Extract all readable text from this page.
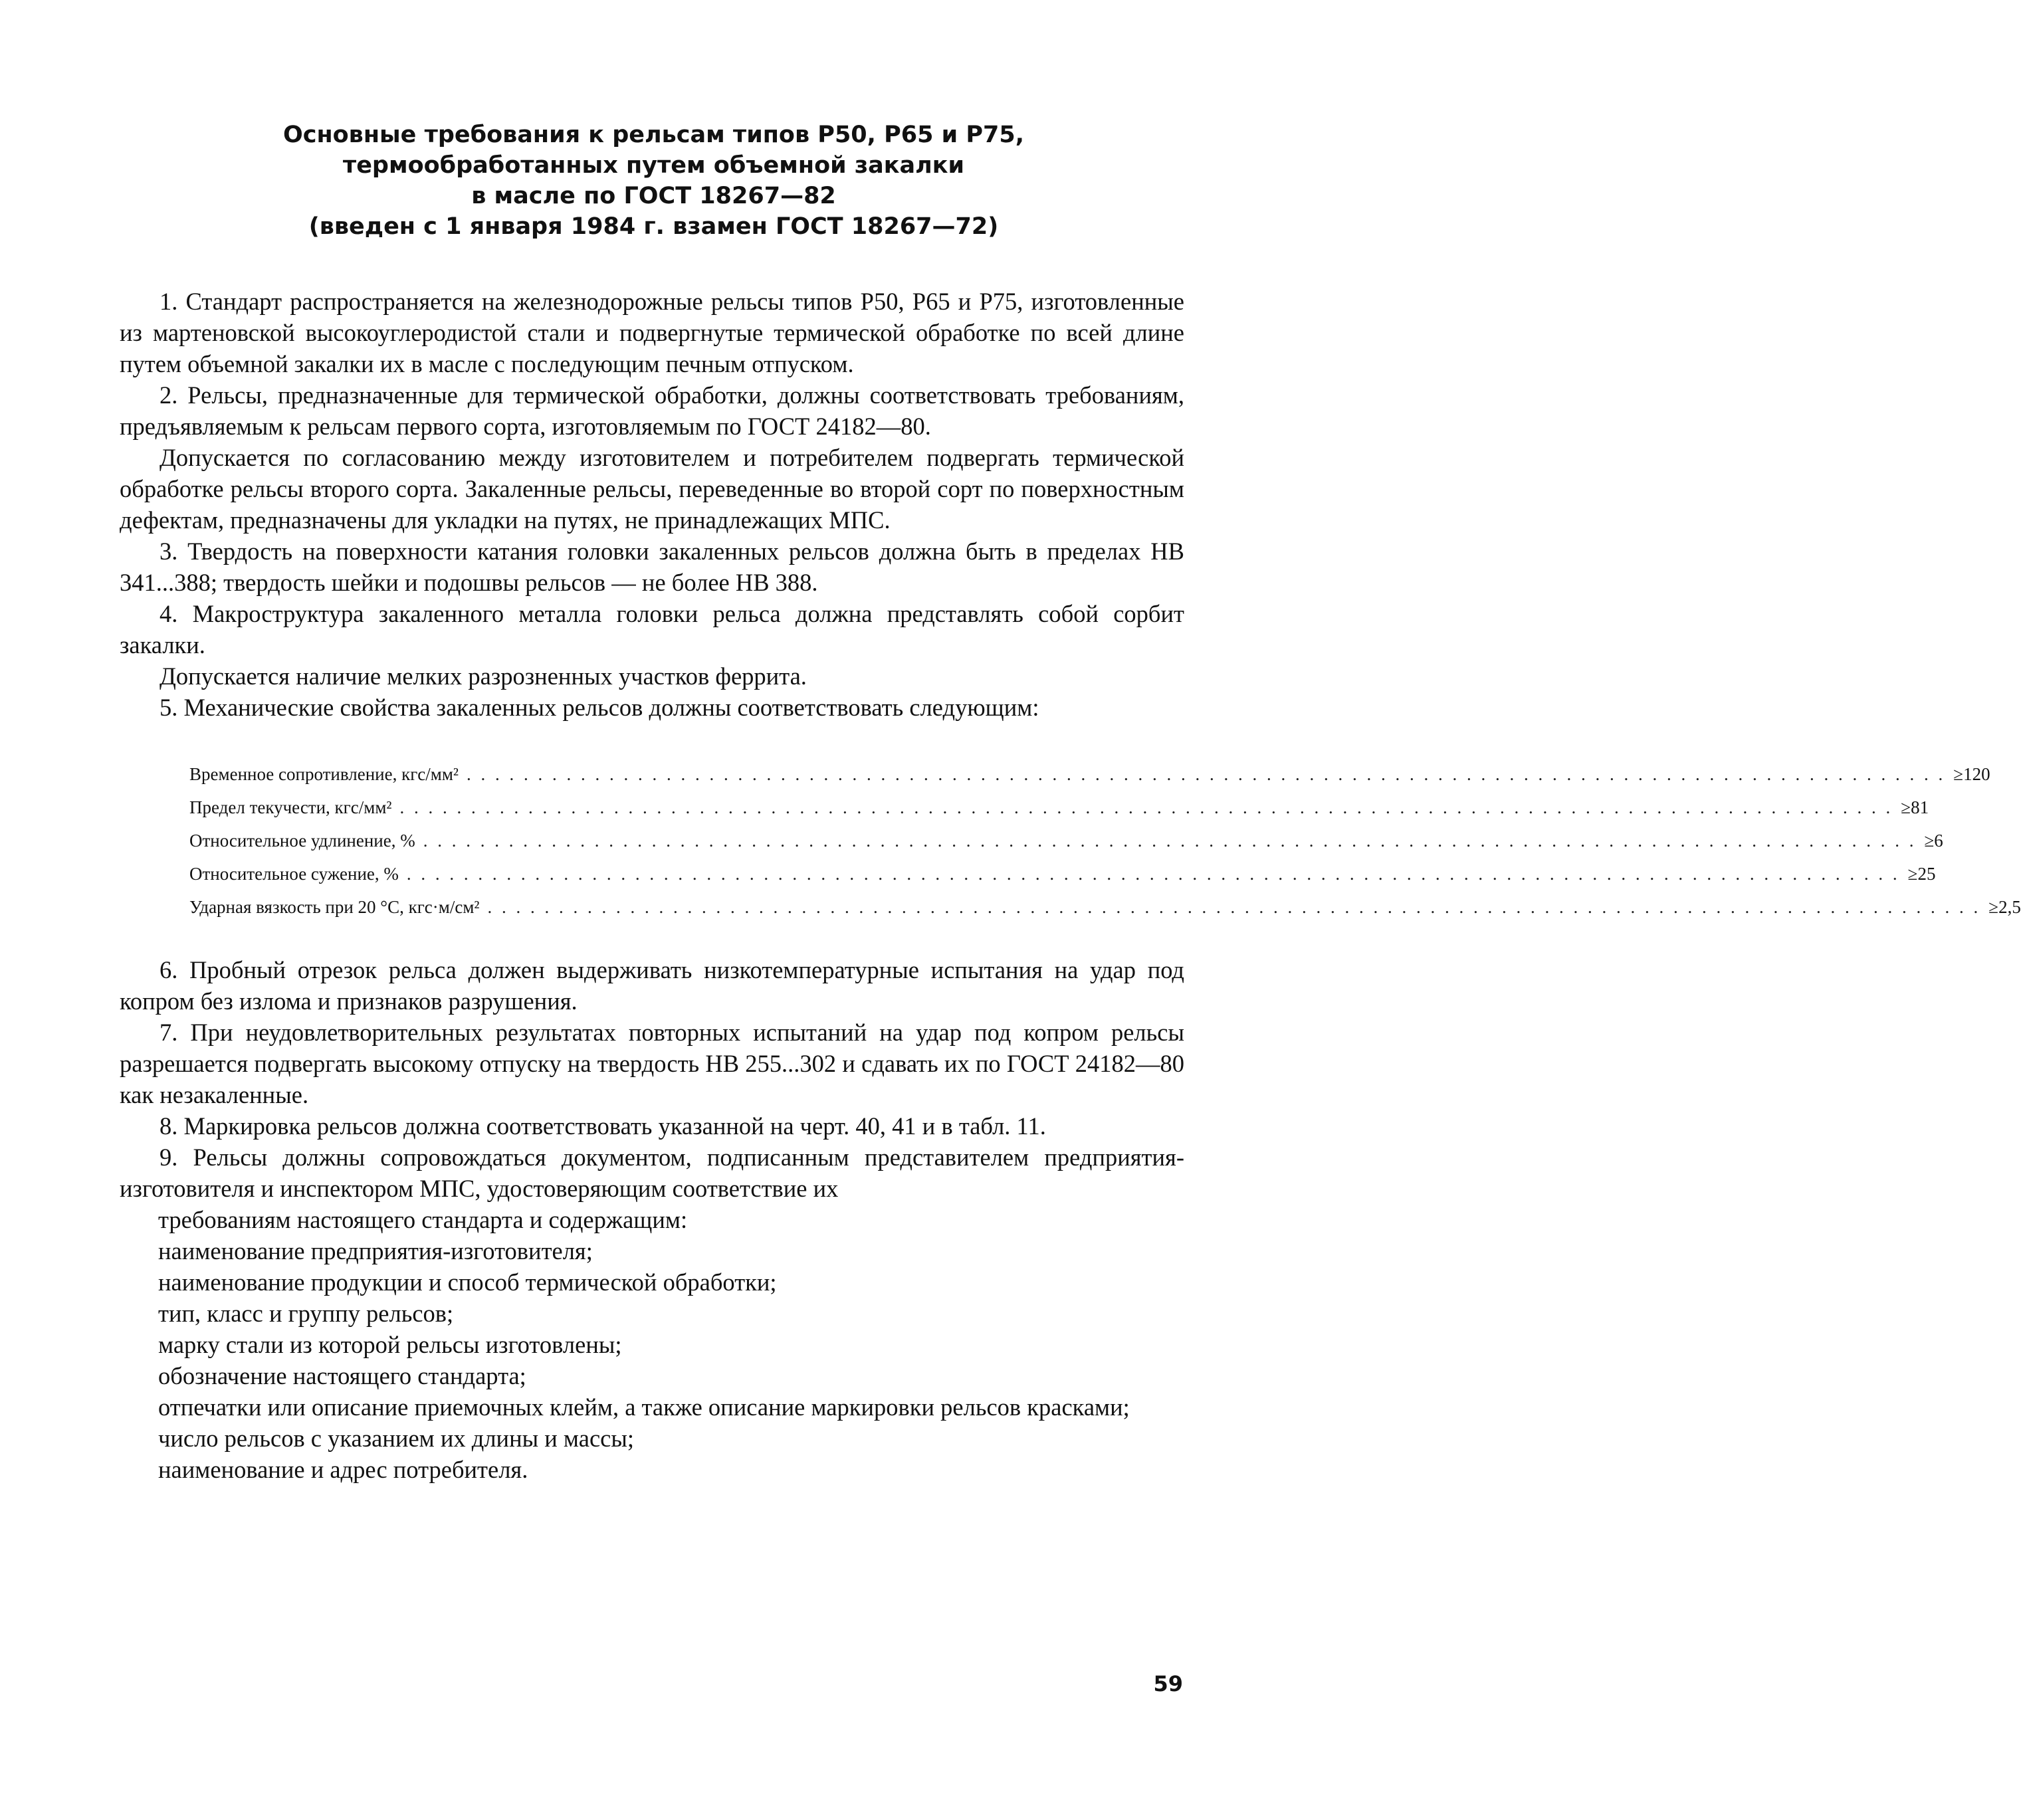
Основные требования к рельсам типов Р50, Р65 и Р75,
термообработанных путем объемной закалки
в масле по ГОСТ 18267—82
(введен с 1 января 1984 г. взамен ГОСТ 18267—72)

1. Стандарт распространяется на железнодорожные рельсы типов Р50, Р65 и Р75, изготовленные из мартеновской высокоуглеродистой стали и подвергнутые термической обработке по всей длине путем объемной закалки их в масле с последующим печным отпуском.

2. Рельсы, предназначенные для термической обработки, должны соответствовать требованиям, предъявляемым к рельсам первого сорта, изготовляемым по ГОСТ 24182—80.

Допускается по согласованию между изготовителем и потребителем подвергать термической обработке рельсы второго сорта. Закаленные рельсы, переведенные во второй сорт по поверхностным дефектам, предназначены для укладки на путях, не принадлежащих МПС.

3. Твердость на поверхности катания головки закаленных рельсов должна быть в пределах НВ 341...388; твердость шейки и подошвы рельсов — не более НВ 388.

4. Макроструктура закаленного металла головки рельса должна представлять собой сорбит закалки.

Допускается наличие мелких разрозненных участков феррита.

5. Механические свойства закаленных рельсов должны соответствовать следующим:

Временное сопротивление, кгс/мм² . . . . . . . . . . . . . . . . . . . . . . . . . . . . . . . . . . . . . . . . . . . . . . . . . . . . . . . . . . . . . . . . . . . . . . . . . . . . . . . . . . . . . . . . . . . . . . . . . . . . . . . . ≥120
Предел текучести, кгс/мм² . . . . . . . . . . . . . . . . . . . . . . . . . . . . . . . . . . . . . . . . . . . . . . . . . . . . . . . . . . . . . . . . . . . . . . . . . . . . . . . . . . . . . . . . . . . . . . . . . . . . . . . . . ≥81
Относительное удлинение, % . . . . . . . . . . . . . . . . . . . . . . . . . . . . . . . . . . . . . . . . . . . . . . . . . . . . . . . . . . . . . . . . . . . . . . . . . . . . . . . . . . . . . . . . . . . . . . . . . . . . . . . . . ≥6
Относительное сужение, % . . . . . . . . . . . . . . . . . . . . . . . . . . . . . . . . . . . . . . . . . . . . . . . . . . . . . . . . . . . . . . . . . . . . . . . . . . . . . . . . . . . . . . . . . . . . . . . . . . . . . . . . . ≥25
Ударная вязкость при 20 °C, кгс·м/см² . . . . . . . . . . . . . . . . . . . . . . . . . . . . . . . . . . . . . . . . . . . . . . . . . . . . . . . . . . . . . . . . . . . . . . . . . . . . . . . . . . . . . . . . . . . . . . . . . . . . . . . . . ≥2,5

6. Пробный отрезок рельса должен выдерживать низкотемпературные испытания на удар под копром без излома и признаков разрушения.

7. При неудовлетворительных результатах повторных испытаний на удар под копром рельсы разрешается подвергать высокому отпуску на твердость НВ 255...302 и сдавать их по ГОСТ 24182—80 как незакаленные.

8. Маркировка рельсов должна соответствовать указанной на черт. 40, 41 и в табл. 11.

9. Рельсы должны сопровождаться документом, подписанным представителем предприятия-изготовителя и инспектором МПС, удостоверяющим соответствие их

требованиям настоящего стандарта и содержащим:

наименование предприятия-изготовителя;

наименование продукции и способ термической обработки;

тип, класс и группу рельсов;

марку стали из которой рельсы изготовлены;

обозначение настоящего стандарта;

отпечатки или описание приемочных клейм, а также описание маркировки рельсов красками;

число рельсов с указанием их длины и массы;

наименование и адрес потребителя.

59
